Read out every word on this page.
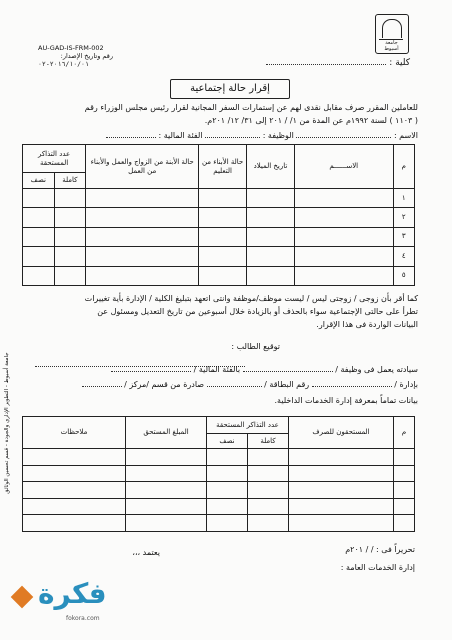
AU-GAD-IS-FRM-002
رقم وتاريخ الإصدار:
٢٠١٦/١٠/٠١-٠٢
جامعة أسيوط
كلية :
إقرار حالة إجتماعية
للعاملين المقرر صرف مقابل نقدى لهم عن إستمارات السفر المجانية لقرار رئيس مجلس الوزراء رقم
( ١١٠٣ ) لسنة ١٩٩٢م عن المدة من ١/ / ٢٠١ إلى ٣١/ ١٢/ ٢٠١م.
الاسم :  الوظيفة :  الفئة المالية :
م	الاســــــم	تاريخ الميلاد	حالة الأبناء من التعليم	حالة الأبنة من الزواج والعمل والأبناء من العمل	عدد التذاكر المستحقة	
					كاملة	نصف
١						
٢						
٣						
٤						
٥						
كما أقر بأن زوجى / زوجتى ليس / ليست موظف/موظفة وانتى اتعهد بتبليغ الكلية / الإدارة بأية تغييرات
تطرأ على حالتى الإجتماعية سواء بالحذف أو بالزيادة خلال أسبوعين من تاريخ التعديل ومسئول عن
البيانات الواردة فى هذا الإقرار.
توقيع الطالب :
سيادته يعمل فى وظيفة /  بالفئة المالية /
بإدارة /  رقم البطاقة /  صادرة من قسم /مركز /
بيانات تماماً بمعرفة إدارة الخدمات الداخلية.
م	المستحقون للصرف	عدد التذاكر المستحقة		المبلغ المستحق	ملاحظات
		كاملة	نصف		

تحريراً فى : / / ٢٠١م
يعتمد ،،،
إدارة الخدمات العامة :
جامعة أسيوط - التطوير الإداري والجودة - قسم تحسين الوثائق
فكرة
fokora.com
